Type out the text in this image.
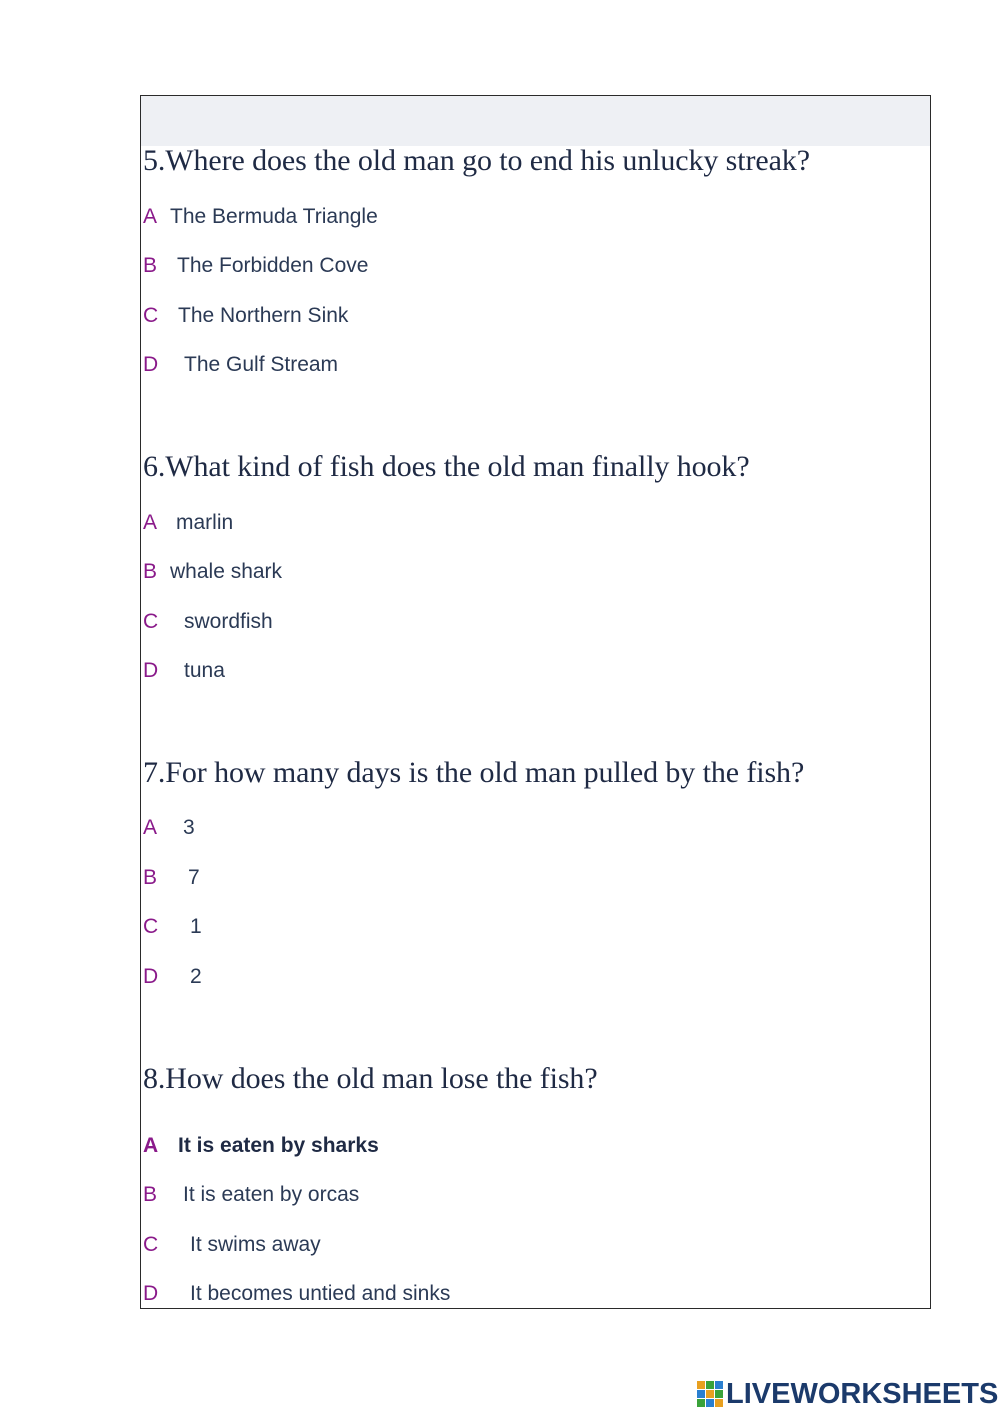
5.Where does the old man go to end his unlucky streak?
A The Bermuda Triangle
B The Forbidden Cove
C The Northern Sink
D The Gulf Stream
6.What kind of fish does the old man finally hook?
A marlin
B whale shark
C swordfish
D tuna
7.For how many days is the old man pulled by the fish?
A 3
B 7
C 1
D 2
8.How does the old man lose the fish?
A It is eaten by sharks
B It is eaten by orcas
C It swims away
D It becomes untied and sinks
LIVEWORKSHEETS
